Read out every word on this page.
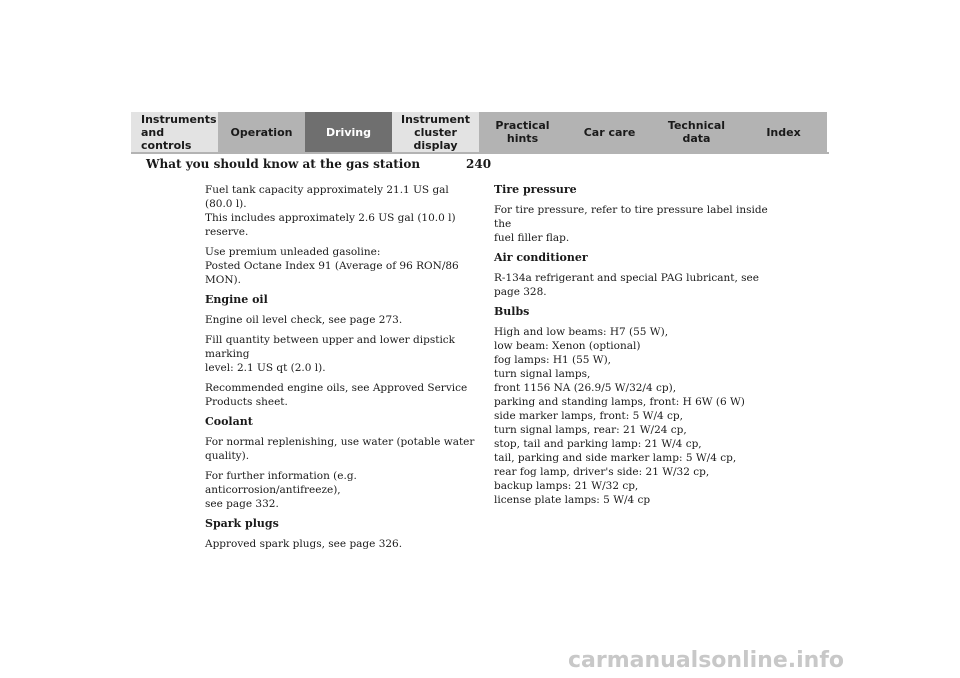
Instruments
and controls
Operation	Driving
Instrument
cluster display
Practical hints	Car care	Technical
data	Index
What you should know at the gas station	240

Fuel tank capacity approximately 21.1 US gal (80.0 l).
This includes approximately 2.6 US gal (10.0 l) reserve.

Use premium unleaded gasoline:
Posted Octane Index 91 (Average of 96 RON/86 MON).

Engine oil

Engine oil level check, see page 273.

Fill quantity between upper and lower dipstick marking
level: 2.1 US qt (2.0 l).

Recommended engine oils, see Approved Service
Products sheet.

Coolant

For normal replenishing, use water (potable water
quality).

For further information (e.g. anticorrosion/antifreeze),
see page 332.

Spark plugs

Approved spark plugs, see page 326.

Tire pressure

For tire pressure, refer to tire pressure label inside the
fuel filler flap.

Air conditioner

R-134a refrigerant and special PAG lubricant, see
page 328.

Bulbs

High and low beams: H7 (55 W),
low beam: Xenon (optional)
fog lamps: H1 (55 W),
turn signal lamps,
front 1156 NA (26.9/5 W/32/4 cp),
parking and standing lamps, front: H 6W (6 W)
side marker lamps, front: 5 W/4 cp,
turn signal lamps, rear: 21 W/24 cp,
stop, tail and parking lamp: 21 W/4 cp,
tail, parking and side marker lamp: 5 W/4 cp,
rear fog lamp, driver's side: 21 W/32 cp,
backup lamps: 21 W/32 cp,
license plate lamps: 5 W/4 cp

carmanualsonline.info
